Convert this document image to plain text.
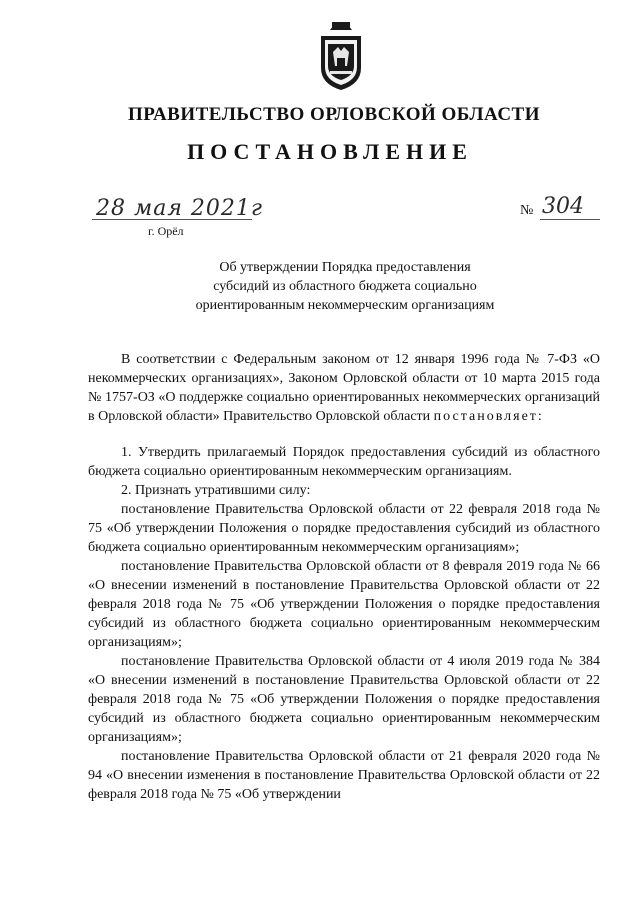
ПРАВИТЕЛЬСТВО ОРЛОВСКОЙ ОБЛАСТИ
ПОСТАНОВЛЕНИЕ
28 мая 2021г
г. Орёл
№ 304
Об утверждении Порядка предоставления
субсидий из областного бюджета социально
ориентированным некоммерческим организациям

В соответствии с Федеральным законом от 12 января 1996 года № 7-ФЗ «О некоммерческих организациях», Законом Орловской области от 10 марта 2015 года № 1757-ОЗ «О поддержке социально ориентированных некоммерческих организаций в Орловской области» Правительство Орловской области постановляет:

1. Утвердить прилагаемый Порядок предоставления субсидий из областного бюджета социально ориентированным некоммерческим организациям.

2. Признать утратившими силу:

постановление Правительства Орловской области от 22 февраля 2018 года № 75 «Об утверждении Положения о порядке предоставления субсидий из областного бюджета социально ориентированным некоммерческим организациям»;

постановление Правительства Орловской области от 8 февраля 2019 года № 66 «О внесении изменений в постановление Правительства Орловской области от 22 февраля 2018 года № 75 «Об утверждении Положения о порядке предоставления субсидий из областного бюджета социально ориентированным некоммерческим организациям»;

постановление Правительства Орловской области от 4 июля 2019 года № 384 «О внесении изменений в постановление Правительства Орловской области от 22 февраля 2018 года № 75 «Об утверждении Положения о порядке предоставления субсидий из областного бюджета социально ориентированным некоммерческим организациям»;

постановление Правительства Орловской области от 21 февраля 2020 года № 94 «О внесении изменения в постановление Правительства Орловской области от 22 февраля 2018 года № 75 «Об утверждении
